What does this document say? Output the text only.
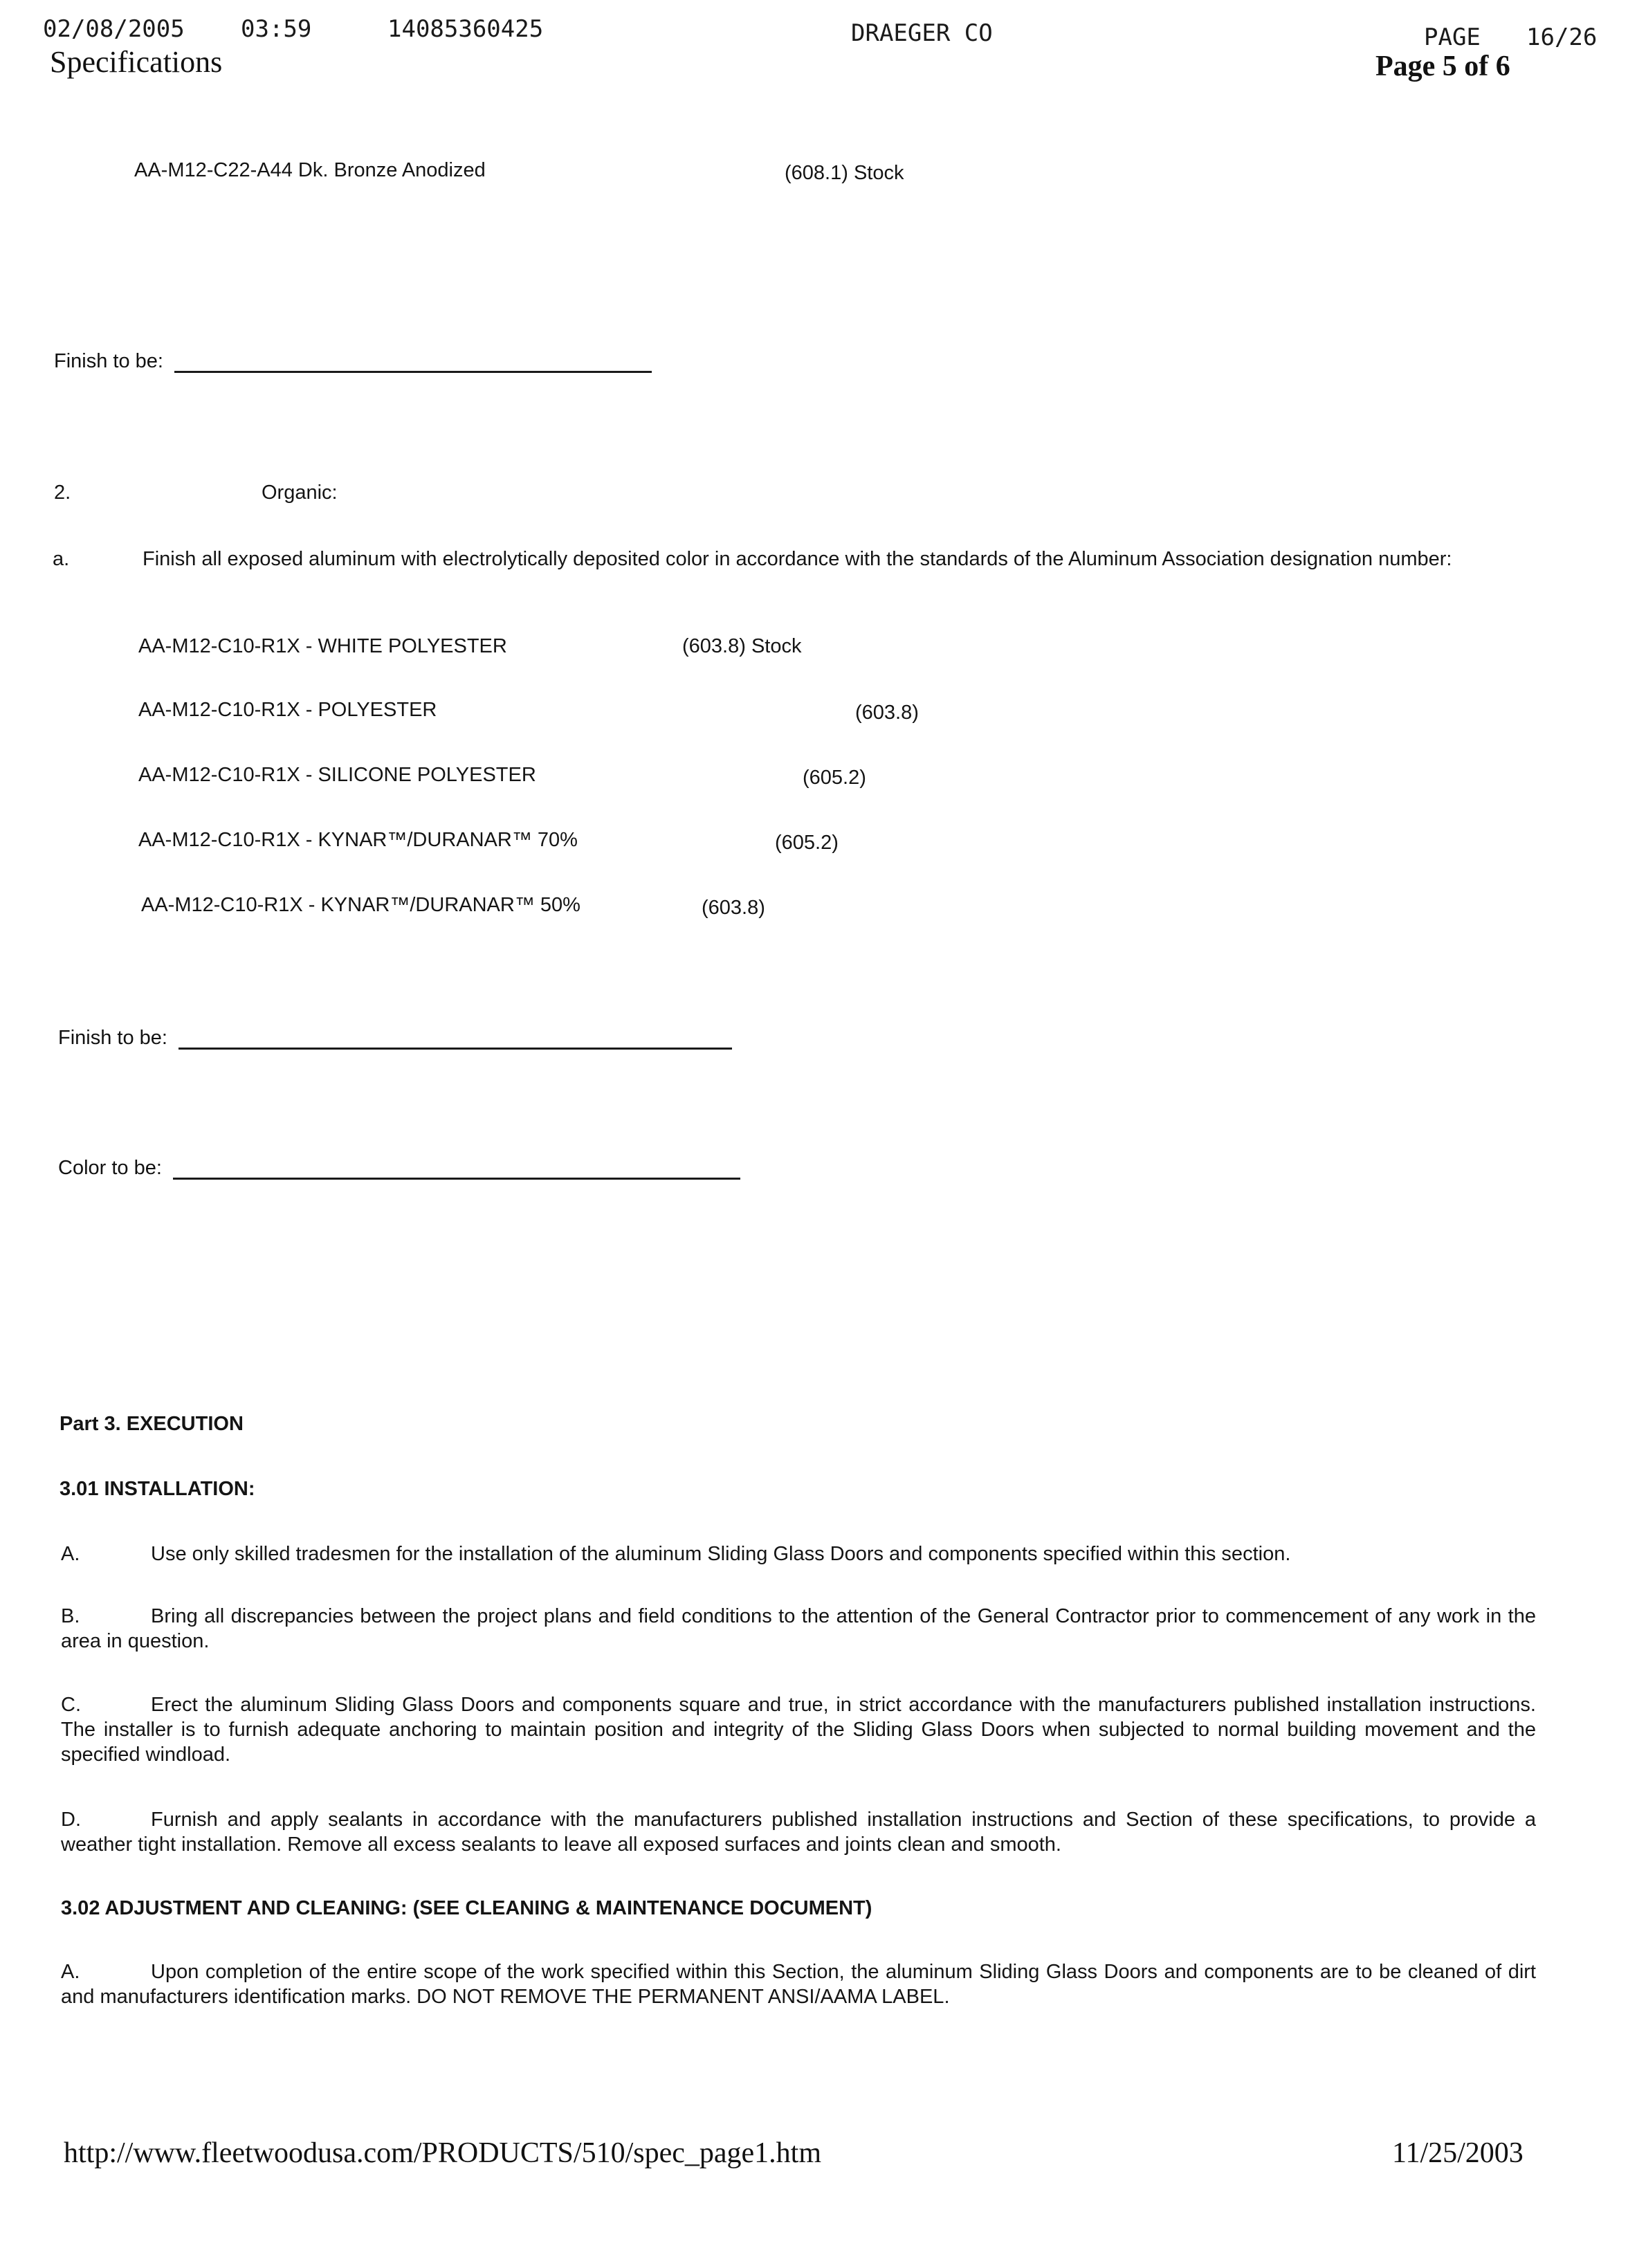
02/08/2005 03:59	14085360425	DRAEGER CO	PAGE 16/26
Specifications	Page 5 of 6
AA-M12-C22-A44 Dk. Bronze Anodized	(608.1) Stock
Finish to be:
2.	Organic:
a.	Finish all exposed aluminum with electrolytically deposited color in accordance with the standards of the Aluminum Association designation number:
AA-M12-C10-R1X - WHITE POLYESTER	(603.8) Stock
AA-M12-C10-R1X - POLYESTER	(603.8)
AA-M12-C10-R1X - SILICONE POLYESTER	(605.2)
AA-M12-C10-R1X - KYNAR™/DURANAR™ 70%	(605.2)
AA-M12-C10-R1X - KYNAR™/DURANAR™ 50%	(603.8)
Finish to be:
Color to be:
Part 3. EXECUTION
3.01 INSTALLATION:
A.	Use only skilled tradesmen for the installation of the aluminum Sliding Glass Doors and components specified within this section.
B.	Bring all discrepancies between the project plans and field conditions to the attention of the General Contractor prior to commencement of any work in the area in question.
C.	Erect the aluminum Sliding Glass Doors and components square and true, in strict accordance with the manufacturers published installation instructions. The installer is to furnish adequate anchoring to maintain position and integrity of the Sliding Glass Doors when subjected to normal building movement and the specified windload.
D.	Furnish and apply sealants in accordance with the manufacturers published installation instructions and Section of these specifications, to provide a weather tight installation. Remove all excess sealants to leave all exposed surfaces and joints clean and smooth.
3.02 ADJUSTMENT AND CLEANING: (SEE CLEANING & MAINTENANCE DOCUMENT)
A.	Upon completion of the entire scope of the work specified within this Section, the aluminum Sliding Glass Doors and components are to be cleaned of dirt and manufacturers identification marks. DO NOT REMOVE THE PERMANENT ANSI/AAMA LABEL.
http://www.fleetwoodusa.com/PRODUCTS/510/spec_page1.htm	11/25/2003
